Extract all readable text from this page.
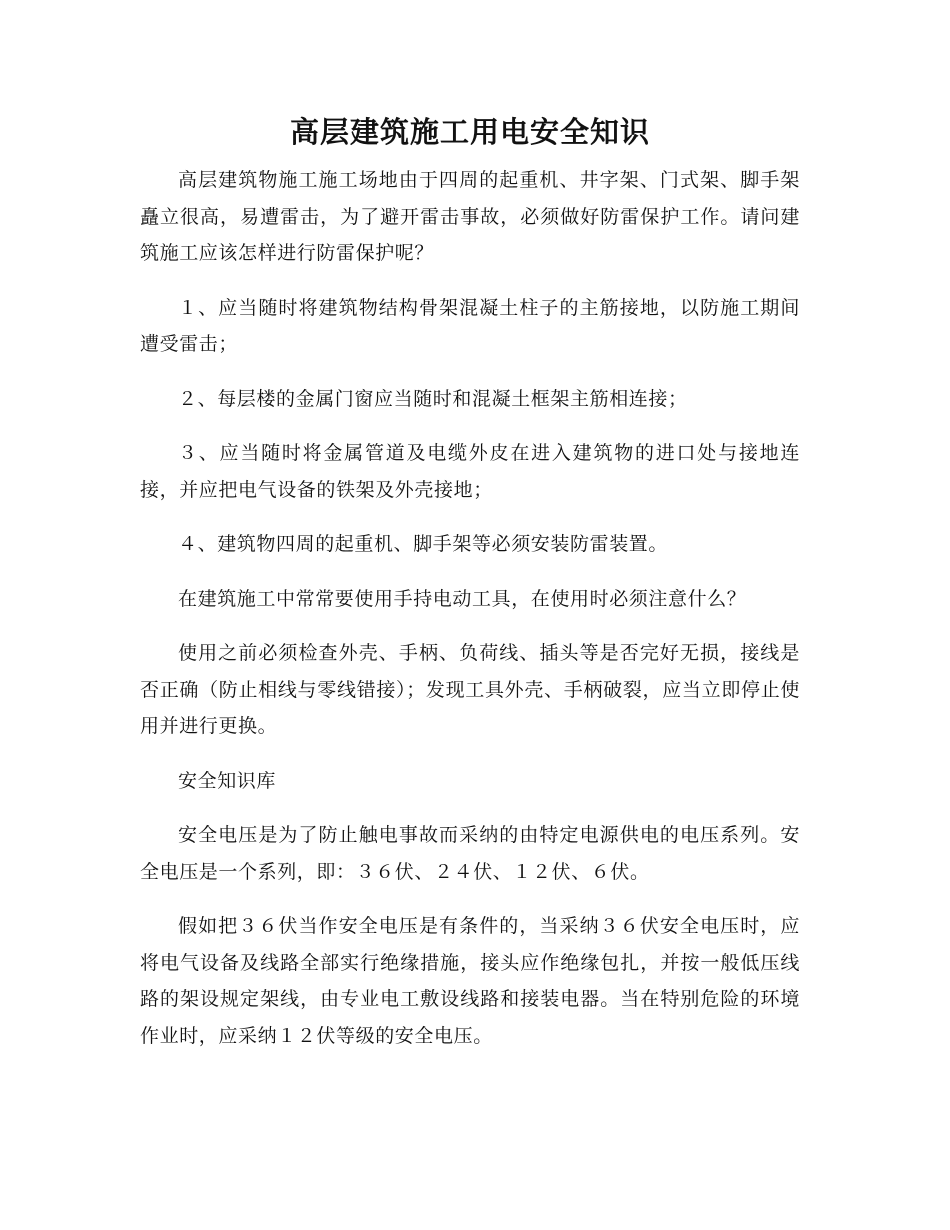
高层建筑施工用电安全知识

高层建筑物施工施工场地由于四周的起重机、井字架、门式架、脚手架矗立很高，易遭雷击，为了避开雷击事故，必须做好防雷保护工作。请问建筑施工应该怎样进行防雷保护呢？

１、应当随时将建筑物结构骨架混凝土柱子的主筋接地，以防施工期间遭受雷击；

２、每层楼的金属门窗应当随时和混凝土框架主筋相连接；

３、应当随时将金属管道及电缆外皮在进入建筑物的进口处与接地连接，并应把电气设备的铁架及外壳接地；

４、建筑物四周的起重机、脚手架等必须安装防雷装置。

在建筑施工中常常要使用手持电动工具，在使用时必须注意什么？

使用之前必须检查外壳、手柄、负荷线、插头等是否完好无损，接线是否正确（防止相线与零线错接）；发现工具外壳、手柄破裂，应当立即停止使用并进行更换。

安全知识库

安全电压是为了防止触电事故而采纳的由特定电源供电的电压系列。安全电压是一个系列，即：３６伏、２４伏、１２伏、６伏。

假如把３６伏当作安全电压是有条件的，当采纳３６伏安全电压时，应将电气设备及线路全部实行绝缘措施，接头应作绝缘包扎，并按一般低压线路的架设规定架线，由专业电工敷设线路和接装电器。当在特别危险的环境作业时，应采纳１２伏等级的安全电压。
